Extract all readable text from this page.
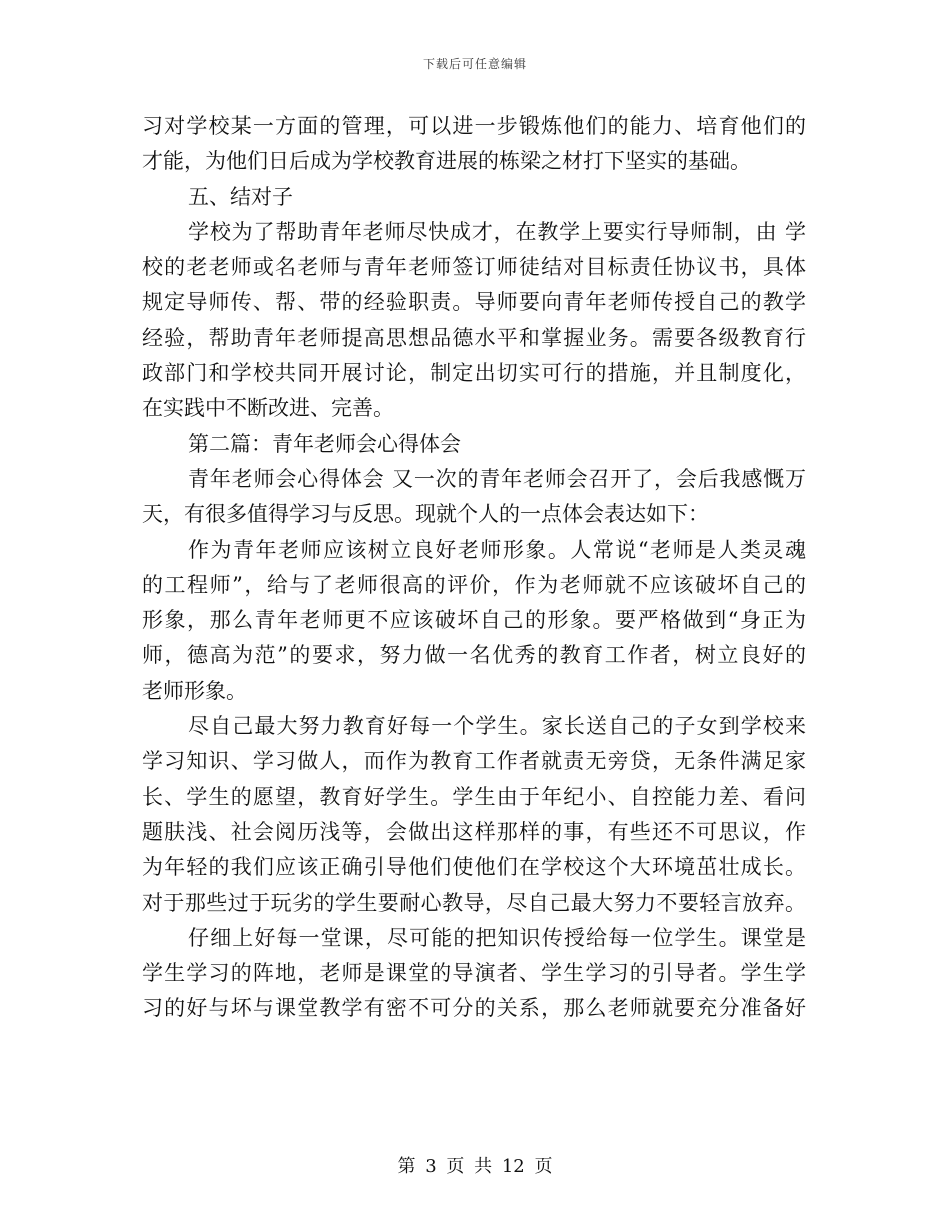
下载后可任意编辑
习对学校某一方面的管理，可以进一步锻炼他们的能力、培育他们的
才能，为他们日后成为学校教育进展的栋梁之材打下坚实的基础。
五、结对子
学校为了帮助青年老师尽快成才，在教学上要实行导师制，由 学
校的老老师或名老师与青年老师签订师徒结对目标责任协议书，具体
规定导师传、帮、带的经验职责。导师要向青年老师传授自己的教学
经验，帮助青年老师提高思想品德水平和掌握业务。需要各级教育行
政部门和学校共同开展讨论，制定出切实可行的措施，并且制度化，
在实践中不断改进、完善。
第二篇：青年老师会心得体会
青年老师会心得体会 又一次的青年老师会召开了，会后我感慨万
天，有很多值得学习与反思。现就个人的一点体会表达如下：
作为青年老师应该树立良好老师形象。人常说“老师是人类灵魂
的工程师”，给与了老师很高的评价，作为老师就不应该破坏自己的
形象，那么青年老师更不应该破坏自己的形象。要严格做到“身正为
师，德高为范”的要求，努力做一名优秀的教育工作者，树立良好的
老师形象。
尽自己最大努力教育好每一个学生。家长送自己的子女到学校来
学习知识、学习做人，而作为教育工作者就责无旁贷，无条件满足家
长、学生的愿望，教育好学生。学生由于年纪小、自控能力差、看问
题肤浅、社会阅历浅等，会做出这样那样的事，有些还不可思议，作
为年轻的我们应该正确引导他们使他们在学校这个大环境茁壮成长。
对于那些过于玩劣的学生要耐心教导，尽自己最大努力不要轻言放弃。
仔细上好每一堂课，尽可能的把知识传授给每一位学生。课堂是
学生学习的阵地，老师是课堂的导演者、学生学习的引导者。学生学
习的好与坏与课堂教学有密不可分的关系，那么老师就要充分准备好
第 3 页 共 12 页
